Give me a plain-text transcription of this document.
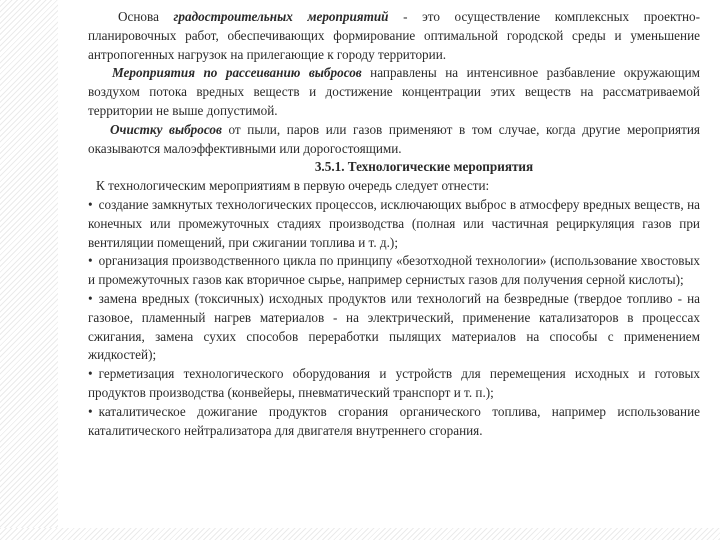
Основа градостроительных мероприятий - это осуществление комплексных проектно-планировочных работ, обеспечивающих формирование оптимальной городской среды и уменьшение антропогенных нагрузок на прилегающие к городу территории.

Мероприятия по рассеиванию выбросов направлены на интенсивное разбавление окружающим воздухом потока вредных веществ и достижение концентрации этих веществ на рассматриваемой территории не выше допустимой.

Очистку выбросов от пыли, паров или газов применяют в том случае, когда другие мероприятия оказываются малоэффективными или дорогостоящими.

3.5.1. Технологические мероприятия

К технологическим мероприятиям в первую очередь следует отнести:

• создание замкнутых технологических процессов, исключающих выброс в атмосферу вредных веществ, на конечных или промежуточных стадиях производства (полная или частичная рециркуляция газов при вентиляции помещений, при сжигании топлива и т. д.);

• организация производственного цикла по принципу «безотходной технологии» (использование хвостовых и промежуточных газов как вторичное сырье, например сернистых газов для получения серной кислоты);

• замена вредных (токсичных) исходных продуктов или технологий на безвредные (твердое топливо - на газовое, пламенный нагрев материалов - на электрический, применение катализаторов в процессах сжигания, замена сухих способов переработки пылящих материалов на способы с применением жидкостей);

• герметизация технологического оборудования и устройств для перемещения исходных и готовых продуктов производства (конвейеры, пневматический транспорт и т. п.);

• каталитическое дожигание продуктов сгорания органического топлива, например использование каталитического нейтрализатора для двигателя внутреннего сгорания.
